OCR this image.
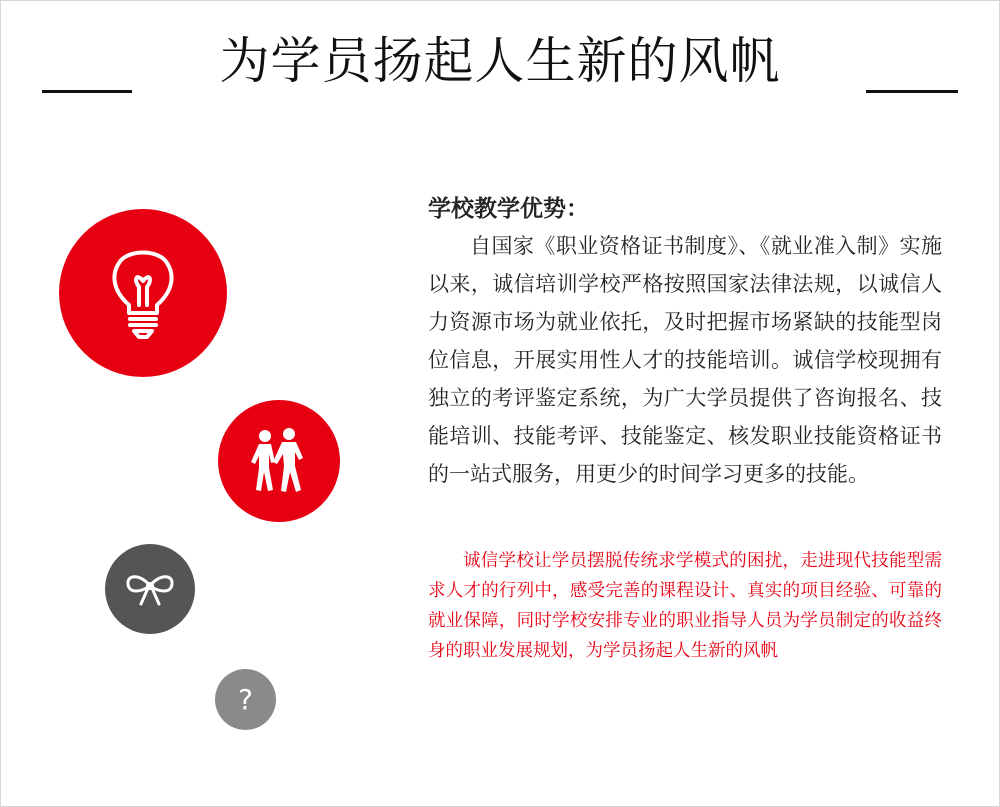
为学员扬起人生新的风帆
?
学校教学优势：

自国家《职业资格证书制度》、《就业准入制》实施以来，诚信培训学校严格按照国家法律法规，以诚信人力资源市场为就业依托，及时把握市场紧缺的技能型岗位信息，开展实用性人才的技能培训。诚信学校现拥有独立的考评鉴定系统，为广大学员提供了咨询报名、技能培训、技能考评、技能鉴定、核发职业技能资格证书的一站式服务，用更少的时间学习更多的技能。

诚信学校让学员摆脱传统求学模式的困扰，走进现代技能型需求人才的行列中，感受完善的课程设计、真实的项目经验、可靠的就业保障，同时学校安排专业的职业指导人员为学员制定的收益终身的职业发展规划，为学员扬起人生新的风帆
